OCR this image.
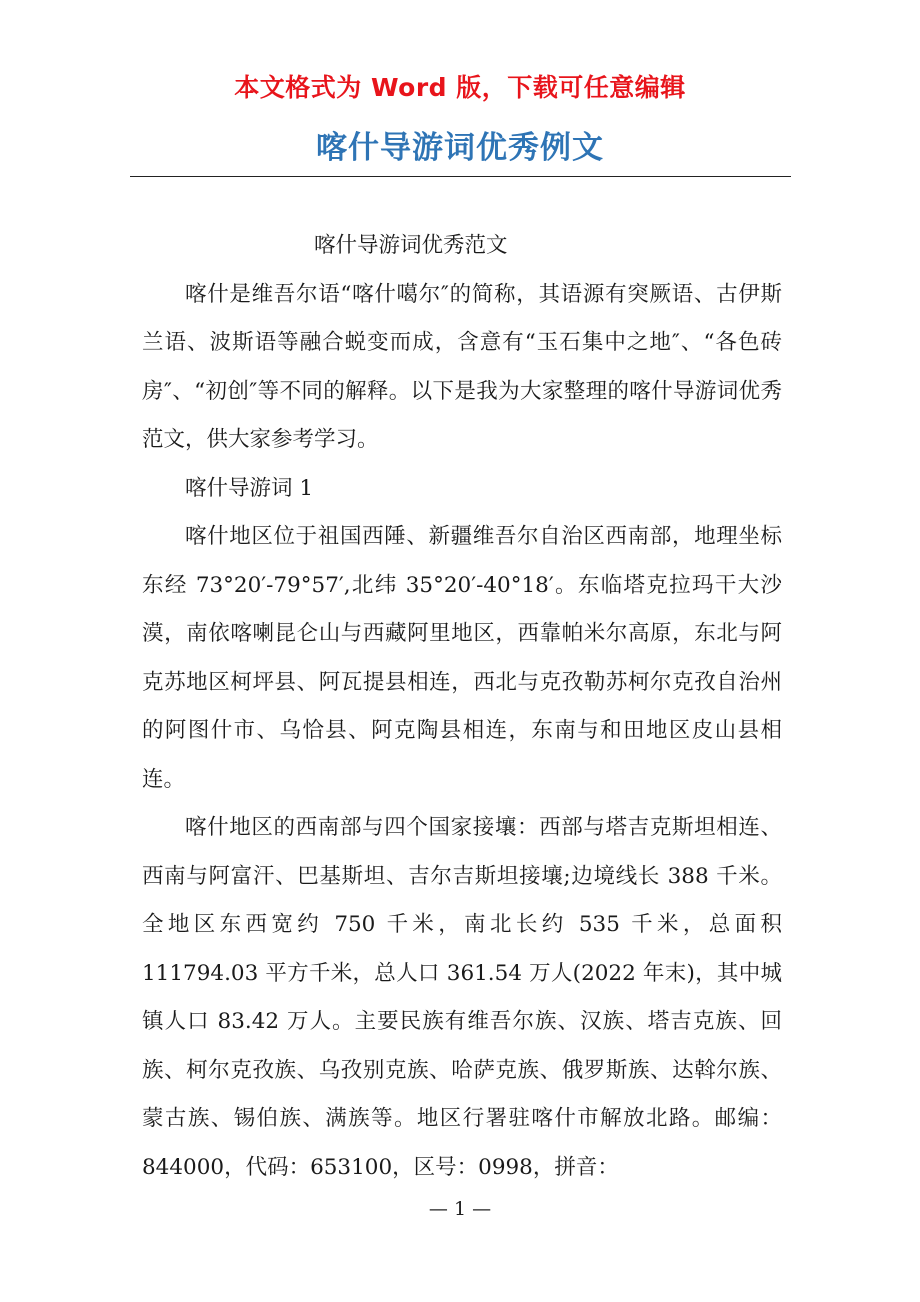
本文格式为 Word 版，下载可任意编辑
喀什导游词优秀例文

喀什导游词优秀范文

喀什是维吾尔语“喀什噶尔″的简称，其语源有突厥语、古伊斯兰语、波斯语等融合蜕变而成，含意有“玉石集中之地″、“各色砖房″、“初创″等不同的解释。以下是我为大家整理的喀什导游词优秀范文，供大家参考学习。

喀什导游词 1

喀什地区位于祖国西陲、新疆维吾尔自治区西南部，地理坐标东经 73°20′-79°57′,北纬 35°20′-40°18′。东临塔克拉玛干大沙漠，南依喀喇昆仑山与西藏阿里地区，西靠帕米尔高原，东北与阿克苏地区柯坪县、阿瓦提县相连，西北与克孜勒苏柯尔克孜自治州的阿图什市、乌恰县、阿克陶县相连，东南与和田地区皮山县相连。

喀什地区的西南部与四个国家接壤：西部与塔吉克斯坦相连、西南与阿富汗、巴基斯坦、吉尔吉斯坦接壤;边境线长 388 千米。全地区东西宽约 750 千米，南北长约 535 千米，总面积 111794.03 平方千米，总人口 361.54 万人(2022 年末)，其中城镇人口 83.42 万人。主要民族有维吾尔族、汉族、塔吉克族、回族、柯尔克孜族、乌孜别克族、哈萨克族、俄罗斯族、达斡尔族、蒙古族、锡伯族、满族等。地区行署驻喀什市解放北路。邮编：844000，代码：653100，区号：0998，拼音：

— 1 —
